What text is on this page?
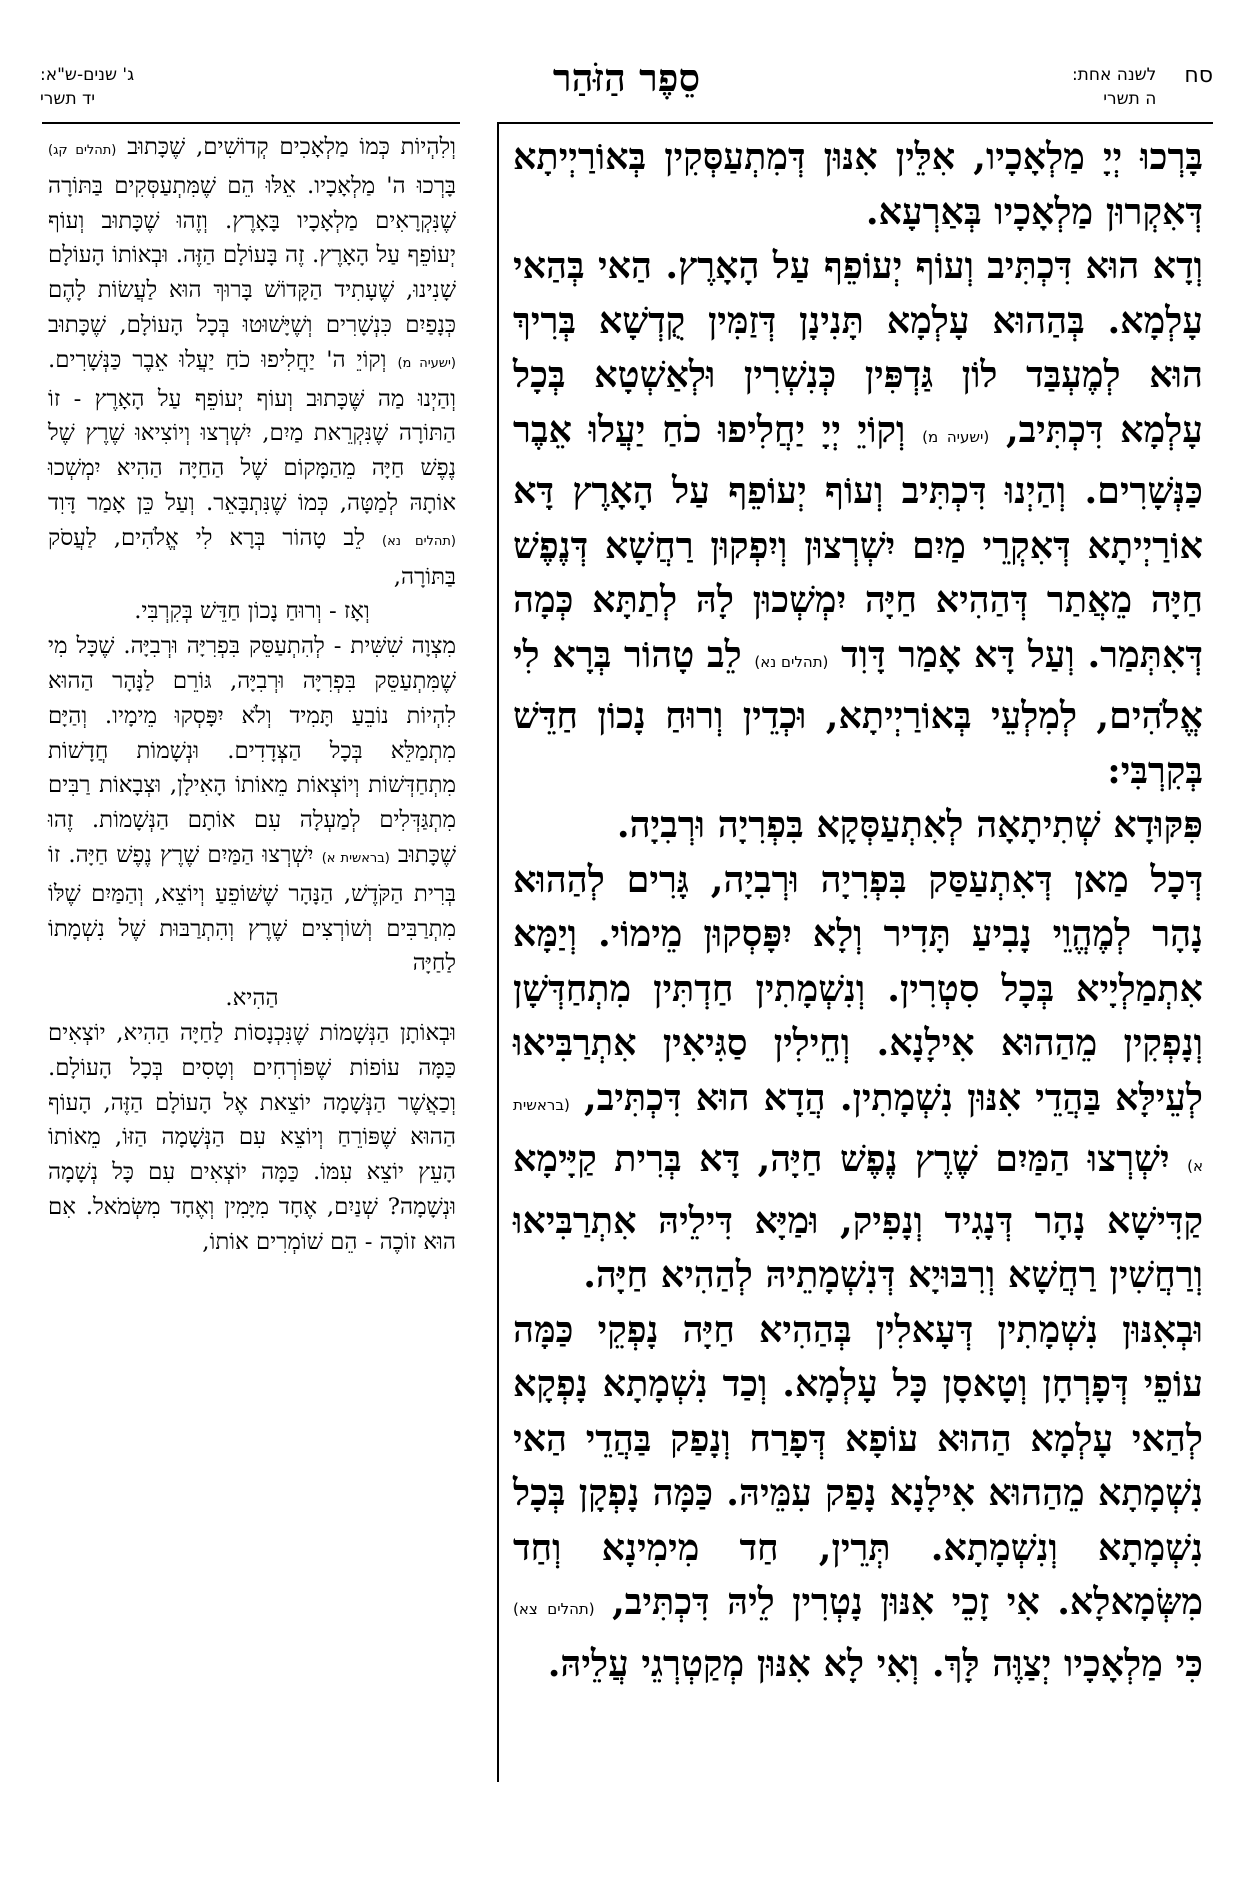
סח
לשנה אחת:
ה תשרי
סֵפֶר הַזֹּהַר
ג' שנים-ש"א:
יד תשרי

בָּרְכוּ יְיָ מַלְאָכָיו, אִלֵּין אִנּוּן דְּמִתְעַסְּקִין בְּאוֹרַיְיתָא דְּאִקְרוּן מַלְאָכָיו בְּאַרְעָא.

וְדָא הוּא דִּכְתִּיב וְעוֹף יְעוֹפֵף עַל הָאָרֶץ. הַאי בְּהַאי עָלְמָא. בְּהַהוּא עָלְמָא תָּנִינָן דְּזַמִּין קֻדְשָׁא בְּרִיךְ הוּא לְמֶעְבַּד לוֹן גַּדְפִּין כְּנִשְׁרִין וּלְאַשְׁטָא בְּכָל עָלְמָא דִּכְתִּיב, (ישעיה מ) וְקוֹיֵ יְיָ יַחֲלִיפוּ כֹחַ יַעֲלוּ אֵבֶר כַּנְּשָׁרִים. וְהַיְנוּ דִּכְתִּיב וְעוֹף יְעוֹפֵף עַל הָאָרֶץ דָּא אוֹרַיְיתָא דְּאִקְרֵי מַיִם יִשְׁרְצוּן וְיִפְקוּן רַחֲשָׁא דְּנֶפֶשׁ חַיָּה מֵאֲתַר דְּהַהִיא חַיָּה יִמְשְׁכוּן לָהּ לְתַתָּא כְּמָה דְּאִתְּמַר. וְעַל דָּא אָמַר דָּוִד (תהלים נא) לֵב טָהוֹר בְּרָא לִי אֱלֹהִים, לְמִלְעֵי בְּאוֹרַיְיתָא, וּכְדֵין וְרוּחַ נָכוֹן חַדֵּשׁ בְּקִרְבִּי:

פִּקּוּדָא שְׁתִיתָאָה לְאִתְעַסְּקָא בִּפְרִיָה וּרְבִיָה.

דְּכָל מַאן דְּאִתְעַסַּק בִּפְרִיָה וּרְבִיָה, גָּרִים לְהַהוּא נָהָר לְמֶהֱוֵי נָבִיעַ תָּדִיר וְלָא יִפָּסְקוּן מֵימוֹי. וְיַמָּא אִתְמַלְיָיא בְּכָל סִטְרִין. וְנִשְׁמָתִין חַדְתִּין מִתְחַדְּשָׁן וְנָפְקִין מֵהַהוּא אִילָנָא. וְחֵילִין סַגִּיאִין אִתְרַבִּיאוּ לְעֵילָּא בַּהֲדֵי אִנּוּן נִשְׁמָתִין. הֲדָא הוּא דִּכְתִּיב, (בראשית א) יִשְׁרְצוּ הַמַּיִם שֶׁרֶץ נֶפֶשׁ חַיָּה, דָּא בְּרִית קַיָּימָא קַדִּישָׁא נָהָר דְּנָגִיד וְנָפִיק, וּמַיָּא דִּילֵיהּ אִתְרַבִּיאוּ וְרַחֲשִׁין רַחֲשָׁא וְרִבּוּיָא דְּנִשְׁמָתֵיהּ לְהַהִיא חַיָּה.

וּבְאִנּוּן נִשְׁמָתִין דְּעָאלִין בְּהַהִיא חַיָּה נָפְקֵי כַּמָּה עוֹפֵי דְּפָרְחָן וְטָאסָן כָּל עָלְמָא. וְכַד נִשְׁמָתָא נָפְקָא לְהַאי עָלְמָא הַהוּא עוֹפָא דְּפָרַח וְנָפַק בַּהֲדֵי הַאי נִשְׁמָתָא מֵהַהוּא אִילָנָא נָפַק עִמֵּיהּ. כַּמָּה נָפְקָן בְּכָל נִשְׁמָתָא וְנִשְׁמָתָא. תְּרֵין, חַד מִימִינָא וְחַד מִשְּׂמָאלָא. אִי זָכֵי אִנּוּן נָטְרִין לֵיהּ דִּכְתִּיב, (תהלים צא) כִּי מַלְאָכָיו יְצַוֶּה לָּךְ. וְאִי לָא אִנּוּן מְקַטְרְגֵי עֲלֵיהּ.

וְלִהְיוֹת כְּמוֹ מַלְאָכִים קְדוֹשִׁים, שֶׁכָּתוּב (תהלים קג) בָּרְכוּ ה' מַלְאָכָיו. אֵלּוּ הֵם שֶׁמִּתְעַסְּקִים בַּתּוֹרָה שֶׁנִּקְרָאִים מַלְאָכָיו בָּאָרֶץ. וְזֶהוּ שֶׁכָּתוּב וְעוֹף יְעוֹפֵף עַל הָאָרֶץ. זֶה בָּעוֹלָם הַזֶּה. וּבְאוֹתוֹ הָעוֹלָם שָׁנִינוּ, שֶׁעָתִיד הַקָּדוֹשׁ בָּרוּךְ הוּא לַעֲשׂוֹת לָהֶם כְּנָפַיִם כִּנְשָׁרִים וְשֶׁיָּשׁוּטוּ בְּכָל הָעוֹלָם, שֶׁכָּתוּב (ישעיה מ) וְקוֹיֵ ה' יַחֲלִיפוּ כֹחַ יַעֲלוּ אֵבֶר כַּנְּשָׁרִים. וְהַיְנוּ מַה שֶּׁכָּתוּב וְעוֹף יְעוֹפֵף עַל הָאָרֶץ - זוֹ הַתּוֹרָה שֶׁנִּקְרֵאת מַיִם, יִשְׁרְצוּ וְיוֹצִיאוּ שֶׁרֶץ שֶׁל נֶפֶשׁ חַיָּה מֵהַמָּקוֹם שֶׁל הַחַיָּה הַהִיא יִמְשְׁכוּ אוֹתָהּ לְמַטָּה, כְּמוֹ שֶׁנִּתְבָּאֵר. וְעַל כֵּן אָמַר דָּוִד (תהלים נא) לֵב טָהוֹר בְּרָא לִי אֱלֹהִים, לַעֲסֹק בַּתּוֹרָה,

וְאָז - וְרוּחַ נָכוֹן חַדֵּשׁ בְּקִרְבִּי.

מִצְוָה שִׁשִּׁית - לְהִתְעַסֵּק בִּפְרִיָּה וּרְבִיָּה. שֶׁכָּל מִי שֶׁמִּתְעַסֵּק בִּפְרִיָּה וּרְבִיָּה, גּוֹרֵם לַנָּהָר הַהוּא לִהְיוֹת נוֹבֵעַ תָּמִיד וְלֹא יִפָּסְקוּ מֵימָיו. וְהַיָּם מִתְמַלֵּא בְּכָל הַצְּדָדִים. וּנְשָׁמוֹת חֲדָשׁוֹת מִתְחַדְּשׁוֹת וְיוֹצְאוֹת מֵאוֹתוֹ הָאִילָן, וּצְבָאוֹת רַבִּים מִתְגַּדְּלִים לְמַעְלָה עִם אוֹתָם הַנְּשָׁמוֹת. זֶהוּ שֶׁכָּתוּב (בראשית א) יִשְׁרְצוּ הַמַּיִם שֶׁרֶץ נֶפֶשׁ חַיָּה. זוֹ בְּרִית הַקֹּדֶשׁ, הַנָּהָר שֶׁשּׁוֹפֵעַ וְיוֹצֵא, וְהַמַּיִם שֶׁלּוֹ מִתְרַבִּים וְשׁוֹרְצִים שֶׁרֶץ וְהִתְרַבּוּת שֶׁל נִשְׁמָתוֹ לַחַיָּה

הַהִיא.

וּבְאוֹתָן הַנְּשָׁמוֹת שֶׁנִּכְנָסוֹת לַחַיָּה הַהִיא, יוֹצְאִים כַּמָּה עוֹפוֹת שֶׁפּוֹרְחִים וְטָסִים בְּכָל הָעוֹלָם. וְכַאֲשֶׁר הַנְּשָׁמָה יוֹצֵאת אֶל הָעוֹלָם הַזֶּה, הָעוֹף הַהוּא שֶׁפּוֹרֵחַ וְיוֹצֵא עִם הַנְּשָׁמָה הַזּוֹ, מֵאוֹתוֹ הָעֵץ יוֹצֵא עִמּוֹ. כַּמָּה יוֹצְאִים עִם כָּל נְשָׁמָה וּנְשָׁמָה? שְׁנַיִם, אֶחָד מִיָּמִין וְאֶחָד מִשְּׂמֹאל. אִם הוּא זוֹכֶה - הֵם שׁוֹמְרִים אוֹתוֹ,
